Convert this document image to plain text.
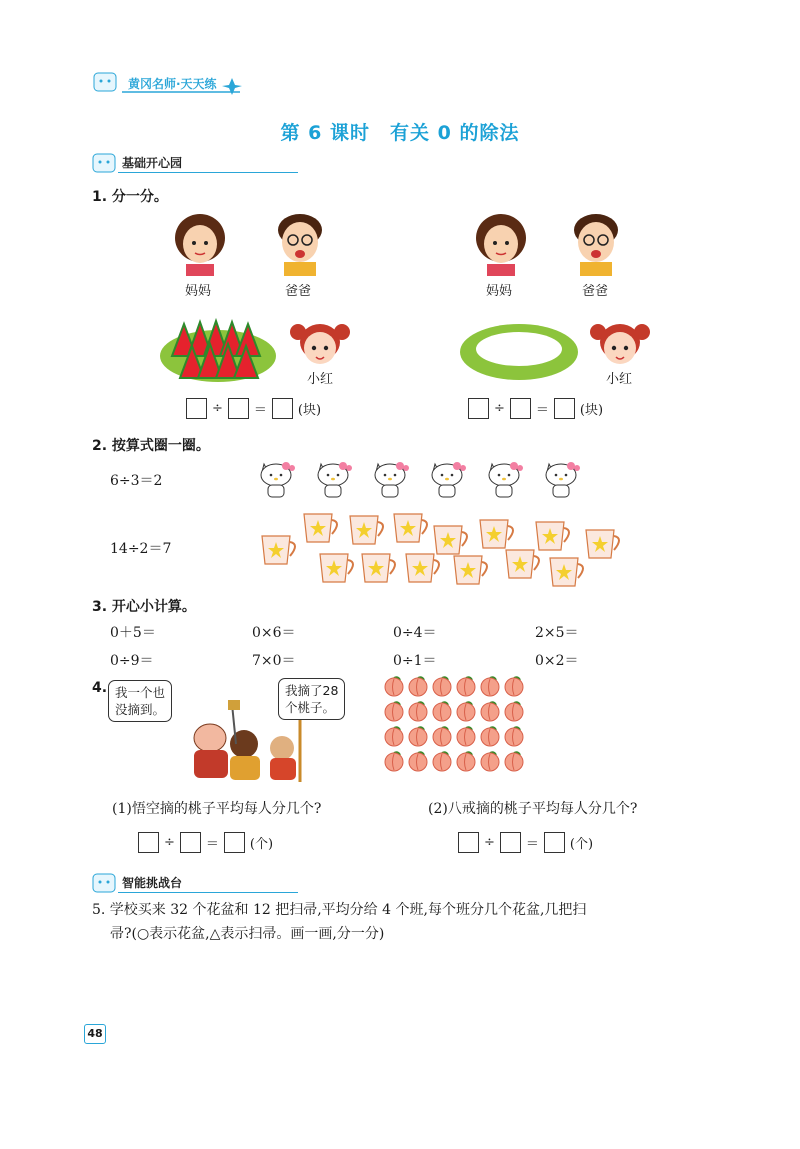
黄冈名师·天天练
第 6 课时　有关 0 的除法
基础开心园
1. 分一分。
妈妈	爸爸
小红
÷ ＝ (块)
妈妈	爸爸
小红
÷ ＝ (块)
2. 按算式圈一圈。
6÷3＝2
14÷2＝7
3. 开心小计算。
0＋5＝	0×6＝	0÷4＝	2×5＝
0÷9＝	7×0＝	0÷1＝	0×2＝
4. 我一个也
没摘到。
我摘了28
个桃子。
(1)悟空摘的桃子平均每人分几个?	(2)八戒摘的桃子平均每人分几个?
÷ ＝ (个)	÷ ＝ (个)
智能挑战台
5. 学校买来 32 个花盆和 12 把扫帚,平均分给 4 个班,每个班分几个花盆,几把扫
帚?(○表示花盆,△表示扫帚。画一画,分一分)
48
